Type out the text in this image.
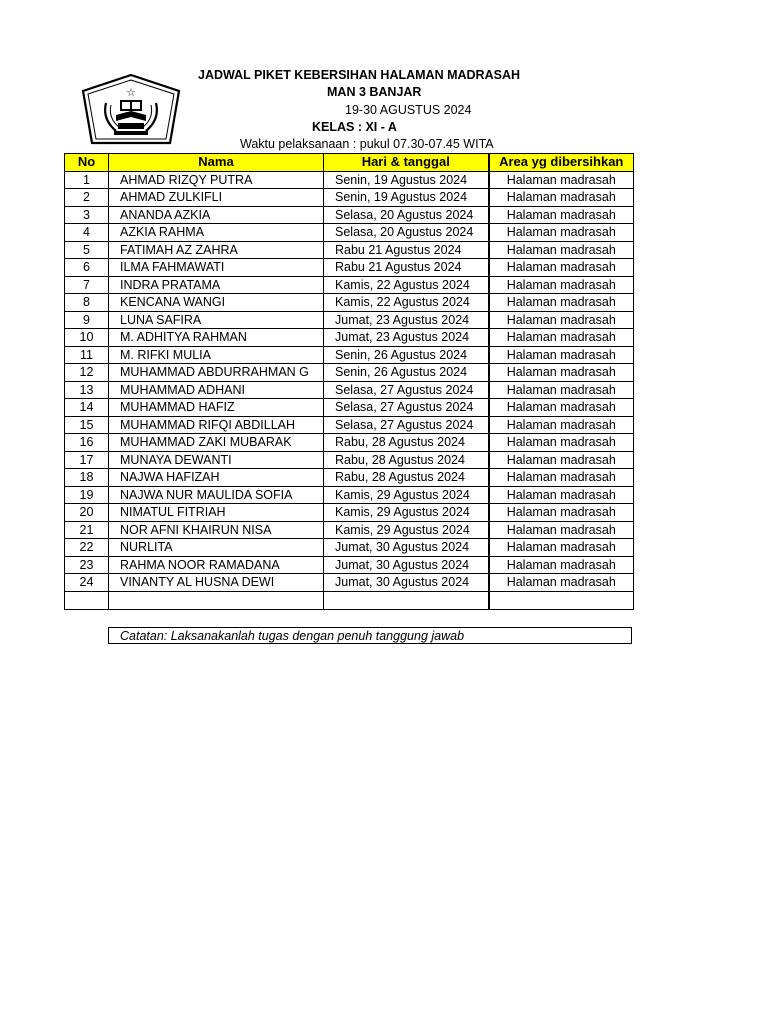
☆
JADWAL PIKET KEBERSIHAN HALAMAN MADRASAH
MAN 3 BANJAR
19-30 AGUSTUS 2024
KELAS : XI - A
Waktu pelaksanaan : pukul 07.30-07.45 WITA
No	Nama	Hari & tanggal	Area yg dibersihkan
1	AHMAD RIZQY PUTRA	Senin, 19 Agustus 2024	Halaman madrasah
2	AHMAD ZULKIFLI	Senin, 19 Agustus 2024	Halaman madrasah
3	ANANDA AZKIA	Selasa, 20 Agustus 2024	Halaman madrasah
4	AZKIA RAHMA	Selasa, 20 Agustus 2024	Halaman madrasah
5	FATIMAH AZ ZAHRA	Rabu 21 Agustus 2024	Halaman madrasah
6	ILMA FAHMAWATI	Rabu 21 Agustus 2024	Halaman madrasah
7	INDRA PRATAMA	Kamis, 22 Agustus 2024	Halaman madrasah
8	KENCANA WANGI	Kamis, 22 Agustus 2024	Halaman madrasah
9	LUNA SAFIRA	Jumat, 23 Agustus 2024	Halaman madrasah
10	M. ADHITYA RAHMAN	Jumat, 23 Agustus 2024	Halaman madrasah
11	M. RIFKI MULIA	Senin, 26 Agustus 2024	Halaman madrasah
12	MUHAMMAD ABDURRAHMAN G	Senin, 26 Agustus 2024	Halaman madrasah
13	MUHAMMAD ADHANI	Selasa, 27 Agustus 2024	Halaman madrasah
14	MUHAMMAD HAFIZ	Selasa, 27 Agustus 2024	Halaman madrasah
15	MUHAMMAD RIFQI ABDILLAH	Selasa, 27 Agustus 2024	Halaman madrasah
16	MUHAMMAD ZAKI MUBARAK	Rabu, 28 Agustus 2024	Halaman madrasah
17	MUNAYA DEWANTI	Rabu, 28 Agustus 2024	Halaman madrasah
18	NAJWA HAFIZAH	Rabu, 28 Agustus 2024	Halaman madrasah
19	NAJWA NUR MAULIDA SOFIA	Kamis, 29 Agustus 2024	Halaman madrasah
20	NIMATUL FITRIAH	Kamis, 29 Agustus 2024	Halaman madrasah
21	NOR AFNI KHAIRUN NISA	Kamis, 29 Agustus 2024	Halaman madrasah
22	NURLITA	Jumat, 30 Agustus 2024	Halaman madrasah
23	RAHMA NOOR RAMADANA	Jumat, 30 Agustus 2024	Halaman madrasah
24	VINANTY AL HUSNA DEWI	Jumat, 30 Agustus 2024	Halaman madrasah

Catatan: Laksanakanlah tugas dengan penuh tanggung jawab
